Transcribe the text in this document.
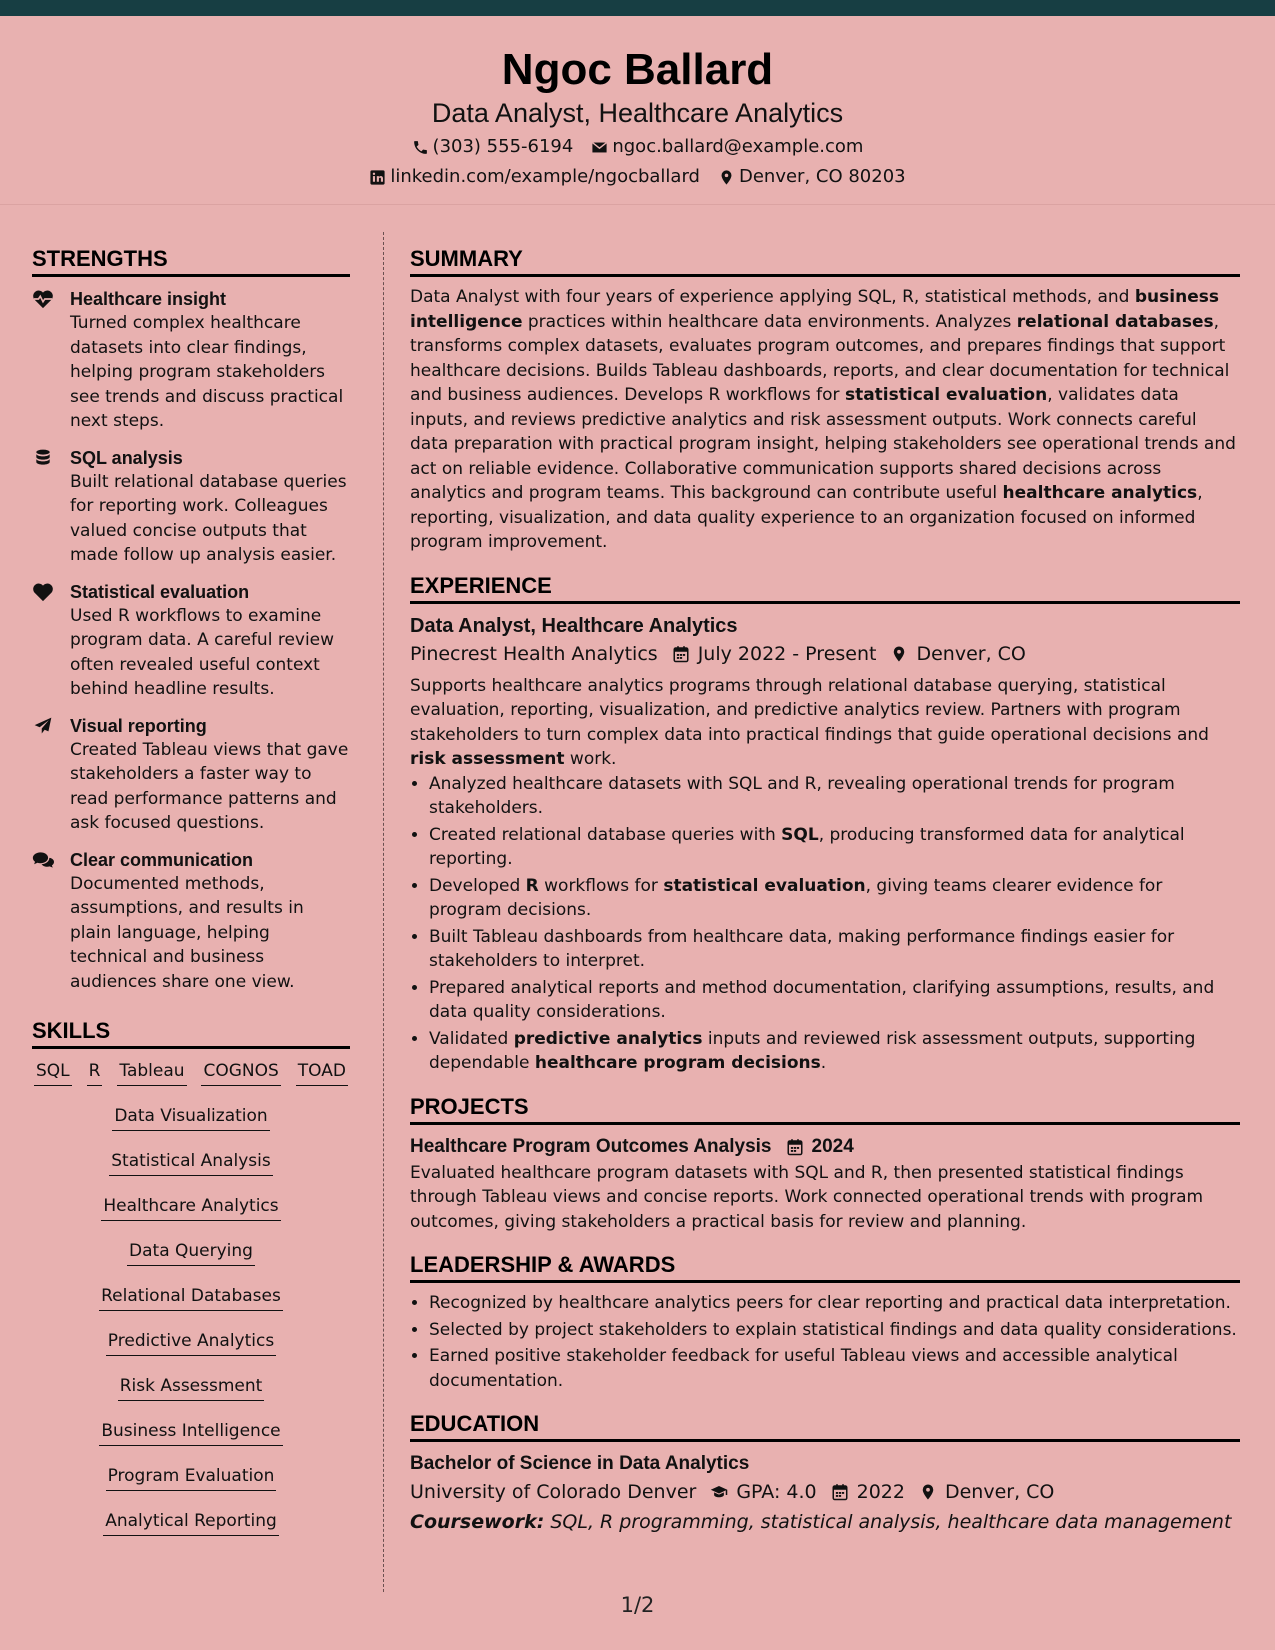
Ngoc Ballard
Data Analyst, Healthcare Analytics
(303) 555-6194 ngoc.ballard@example.com
linkedin.com/example/ngocballard Denver, CO 80203
STRENGTHS
Healthcare insight
Turned complex healthcare datasets into clear findings, helping program stakeholders see trends and discuss practical next steps.
SQL analysis
Built relational database queries for reporting work. Colleagues valued concise outputs that made follow up analysis easier.
Statistical evaluation
Used R workflows to examine program data. A careful review often revealed useful context behind headline results.
Visual reporting
Created Tableau views that gave stakeholders a faster way to read performance patterns and ask focused questions.
Clear communication
Documented methods, assumptions, and results in plain language, helping technical and business audiences share one view.
SKILLS
SQL R Tableau COGNOS TOAD
Data Visualization
Statistical Analysis
Healthcare Analytics
Data Querying
Relational Databases
Predictive Analytics
Risk Assessment
Business Intelligence
Program Evaluation
Analytical Reporting
SUMMARY

Data Analyst with four years of experience applying SQL, R, statistical methods, and business intelligence practices within healthcare data environments. Analyzes relational databases, transforms complex datasets, evaluates program outcomes, and prepares findings that support healthcare decisions. Builds Tableau dashboards, reports, and clear documentation for technical and business audiences. Develops R workflows for statistical evaluation, validates data inputs, and reviews predictive analytics and risk assessment outputs. Work connects careful data preparation with practical program insight, helping stakeholders see operational trends and act on reliable evidence. Collaborative communication supports shared decisions across analytics and program teams. This background can contribute useful healthcare analytics, reporting, visualization, and data quality experience to an organization focused on informed program improvement.

EXPERIENCE
Data Analyst, Healthcare Analytics
Pinecrest Health Analytics July 2022 - Present Denver, CO

Supports healthcare analytics programs through relational database querying, statistical evaluation, reporting, visualization, and predictive analytics review. Partners with program stakeholders to turn complex data into practical findings that guide operational decisions and risk assessment work.

• Analyzed healthcare datasets with SQL and R, revealing operational trends for program stakeholders.
• Created relational database queries with SQL, producing transformed data for analytical reporting.
• Developed R workflows for statistical evaluation, giving teams clearer evidence for program decisions.
• Built Tableau dashboards from healthcare data, making performance findings easier for stakeholders to interpret.
• Prepared analytical reports and method documentation, clarifying assumptions, results, and data quality considerations.
• Validated predictive analytics inputs and reviewed risk assessment outputs, supporting dependable healthcare program decisions.
PROJECTS
Healthcare Program Outcomes Analysis 2024

Evaluated healthcare program datasets with SQL and R, then presented statistical findings through Tableau views and concise reports. Work connected operational trends with program outcomes, giving stakeholders a practical basis for review and planning.

LEADERSHIP & AWARDS
• Recognized by healthcare analytics peers for clear reporting and practical data interpretation.
• Selected by project stakeholders to explain statistical findings and data quality considerations.
• Earned positive stakeholder feedback for useful Tableau views and accessible analytical documentation.
EDUCATION
Bachelor of Science in Data Analytics
University of Colorado Denver GPA: 4.0 2022 Denver, CO
Coursework: SQL, R programming, statistical analysis, healthcare data management
1/2
